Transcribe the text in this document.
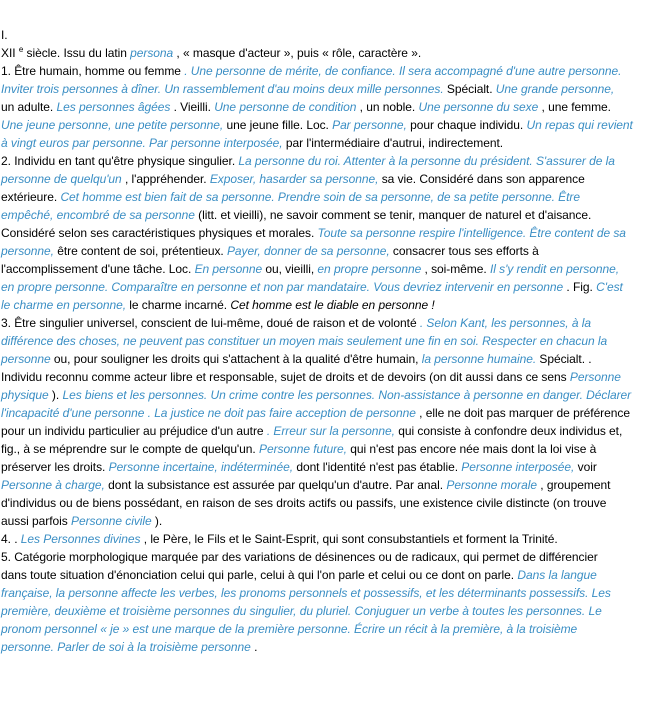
I.
XII $^e$ siècle. Issu du latin persona , « masque d'acteur », puis « rôle, caractère ».
1. Être humain, homme ou femme . Une personne de mérite, de confiance. Il sera accompagné d'une autre personne.
Inviter trois personnes à dîner. Un rassemblement d'au moins deux mille personnes. Spécialt. Une grande personne,
un adulte. Les personnes âgées . Vieilli. Une personne de condition , un noble. Une personne du sexe , une femme.
Une jeune personne, une petite personne, une jeune fille. Loc. Par personne, pour chaque individu. Un repas qui revient
à vingt euros par personne. Par personne interposée, par l'intermédiaire d'autrui, indirectement.
2. Individu en tant qu'être physique singulier. La personne du roi. Attenter à la personne du président. S'assurer de la
personne de quelqu'un , l'appréhender. Exposer, hasarder sa personne, sa vie. Considéré dans son apparence
extérieure. Cet homme est bien fait de sa personne. Prendre soin de sa personne, de sa petite personne. Être
empêché, encombré de sa personne (litt. et vieilli), ne savoir comment se tenir, manquer de naturel et d'aisance.
Considéré selon ses caractéristiques physiques et morales. Toute sa personne respire l'intelligence. Être content de sa
personne, être content de soi, prétentieux. Payer, donner de sa personne, consacrer tous ses efforts à
l'accomplissement d'une tâche. Loc. En personne ou, vieilli, en propre personne , soi-même. Il s'y rendit en personne,
en propre personne. Comparaître en personne et non par mandataire. Vous devriez intervenir en personne . Fig. C'est
le charme en personne, le charme incarné. Cet homme est le diable en personne !
3. Être singulier universel, conscient de lui-même, doué de raison et de volonté . Selon Kant, les personnes, à la
différence des choses, ne peuvent pas constituer un moyen mais seulement une fin en soi. Respecter en chacun la
personne ou, pour souligner les droits qui s'attachent à la qualité d'être humain, la personne humaine. Spécialt. .
Individu reconnu comme acteur libre et responsable, sujet de droits et de devoirs (on dit aussi dans ce sens Personne
physique ). Les biens et les personnes. Un crime contre les personnes. Non-assistance à personne en danger. Déclarer
l'incapacité d'une personne . La justice ne doit pas faire acception de personne , elle ne doit pas marquer de préférence
pour un individu particulier au préjudice d'un autre . Erreur sur la personne, qui consiste à confondre deux individus et,
fig., à se méprendre sur le compte de quelqu'un. Personne future, qui n'est pas encore née mais dont la loi vise à
préserver les droits. Personne incertaine, indéterminée, dont l'identité n'est pas établie. Personne interposée, voir
Personne à charge, dont la subsistance est assurée par quelqu'un d'autre. Par anal. Personne morale , groupement
d'individus ou de biens possédant, en raison de ses droits actifs ou passifs, une existence civile distincte (on trouve
aussi parfois Personne civile ).
4. . Les Personnes divines , le Père, le Fils et le Saint-Esprit, qui sont consubstantiels et forment la Trinité.
5. Catégorie morphologique marquée par des variations de désinences ou de radicaux, qui permet de différencier
dans toute situation d'énonciation celui qui parle, celui à qui l'on parle et celui ou ce dont on parle. Dans la langue
française, la personne affecte les verbes, les pronoms personnels et possessifs, et les déterminants possessifs. Les
première, deuxième et troisième personnes du singulier, du pluriel. Conjuguer un verbe à toutes les personnes. Le
pronom personnel « je » est une marque de la première personne. Écrire un récit à la première, à la troisième
personne. Parler de soi à la troisième personne .
